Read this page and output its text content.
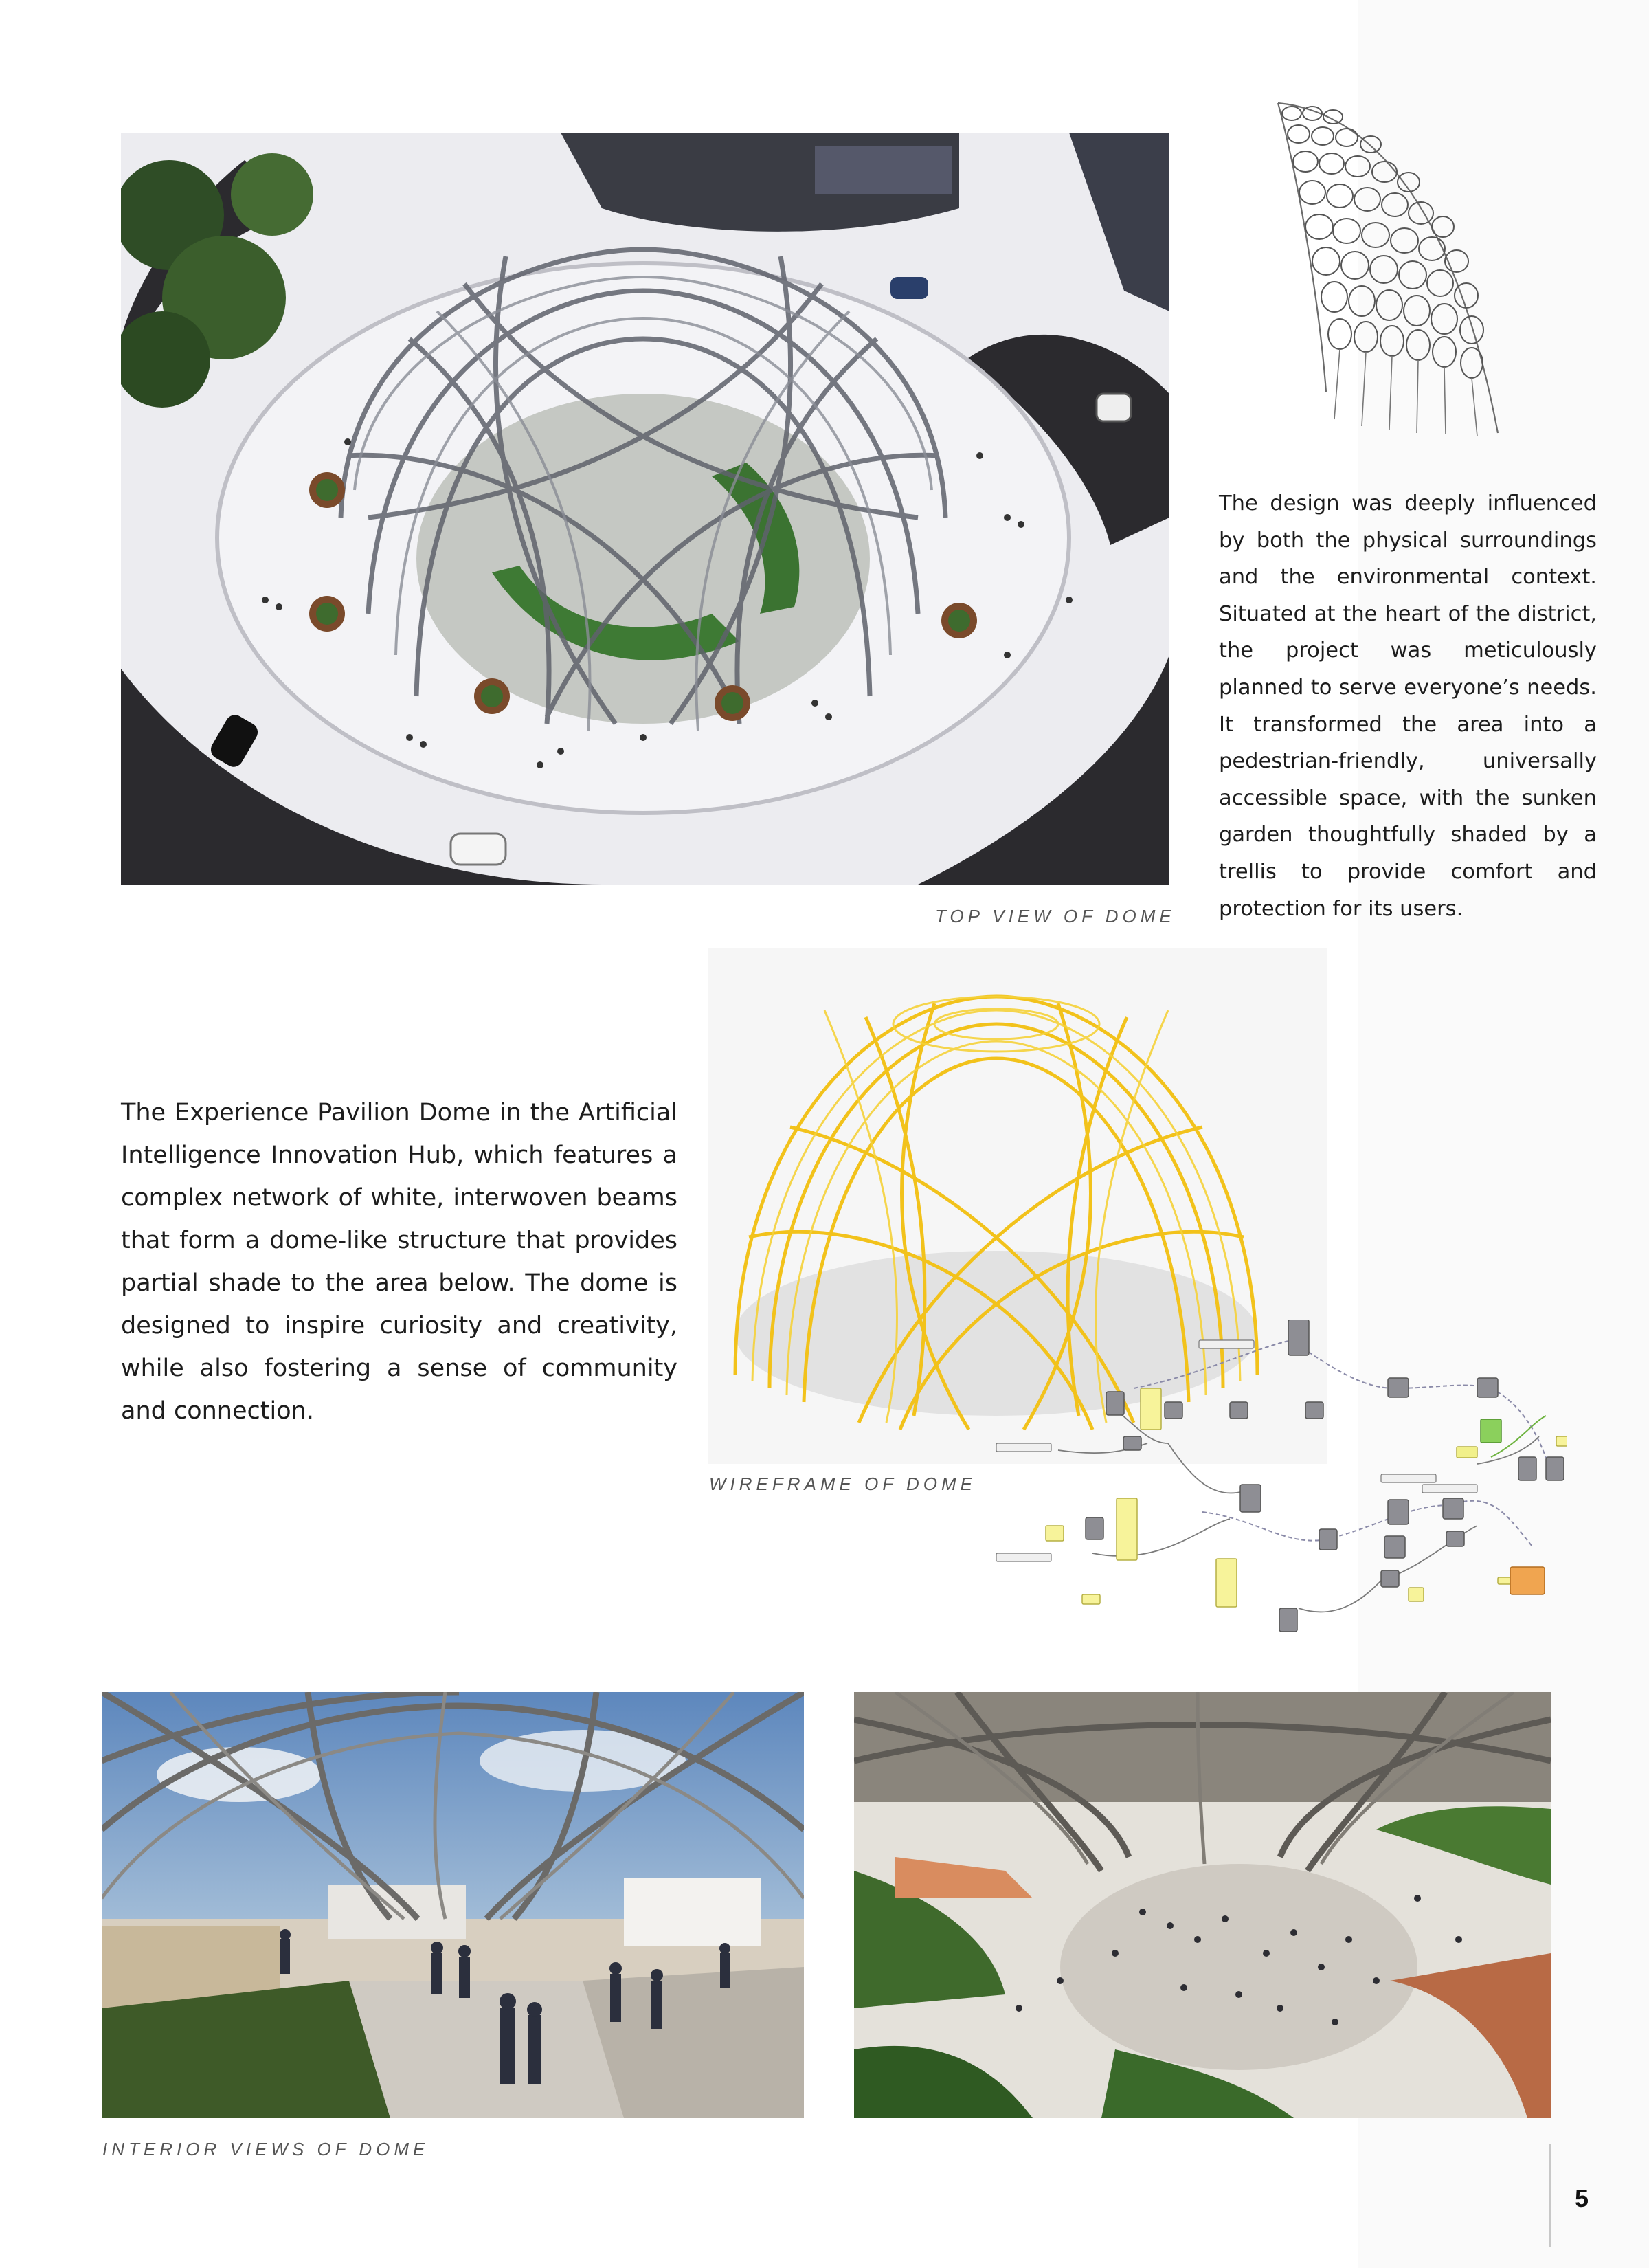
TOP VIEW OF DOME
The design was deeply influenced by both the physical surroundings and the environmental context. Situated at the heart of the district, the project was meticulously planned to serve everyone’s needs. It transformed the area into a pedestrian-friendly, universally accessible space, with the sunken garden thoughtfully shaded by a trellis to provide comfort and protection for its users.
WIREFRAME OF DOME
The Experience Pavilion Dome in the Artificial Intelligence Innovation Hub, which features a complex network of white, interwoven beams that form a dome-like structure that provides partial shade to the area below. The dome is designed to inspire curiosity and creativity, while also fostering a sense of community and connection.
INTERIOR VIEWS OF DOME
5
